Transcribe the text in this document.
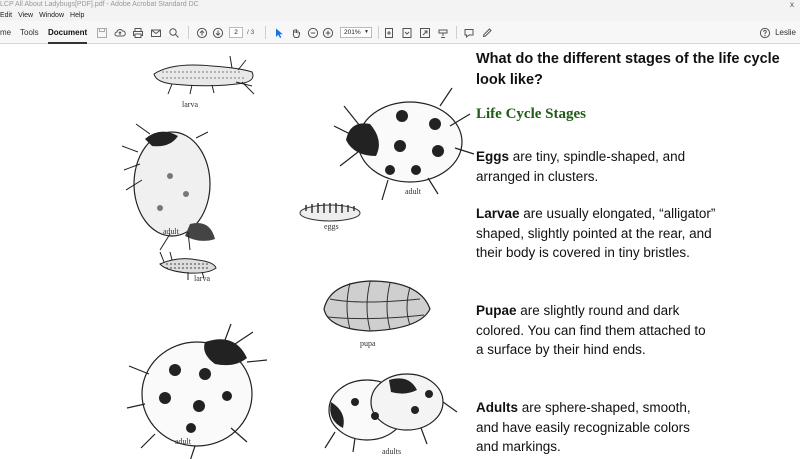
LCP All About Ladybugs[PDF].pdf - Adobe Acrobat Standard DC	x
Edit View Window Help
me Tools Document	2	/ 3	201% ▼	Leslie
larva
adult
adult
eggs
larva
pupa
adult
adults
What do the different stages of the life cycle look like?
Life Cycle Stages
Eggs are tiny, spindle-shaped, and arranged in clusters.
Larvae are usually elongated, “alligator” shaped, slightly pointed at the rear, and their body is covered in tiny bristles.
Pupae are slightly round and dark colored. You can find them attached to a surface by their hind ends.
Adults are sphere-shaped, smooth, and have easily recognizable colors and markings.
